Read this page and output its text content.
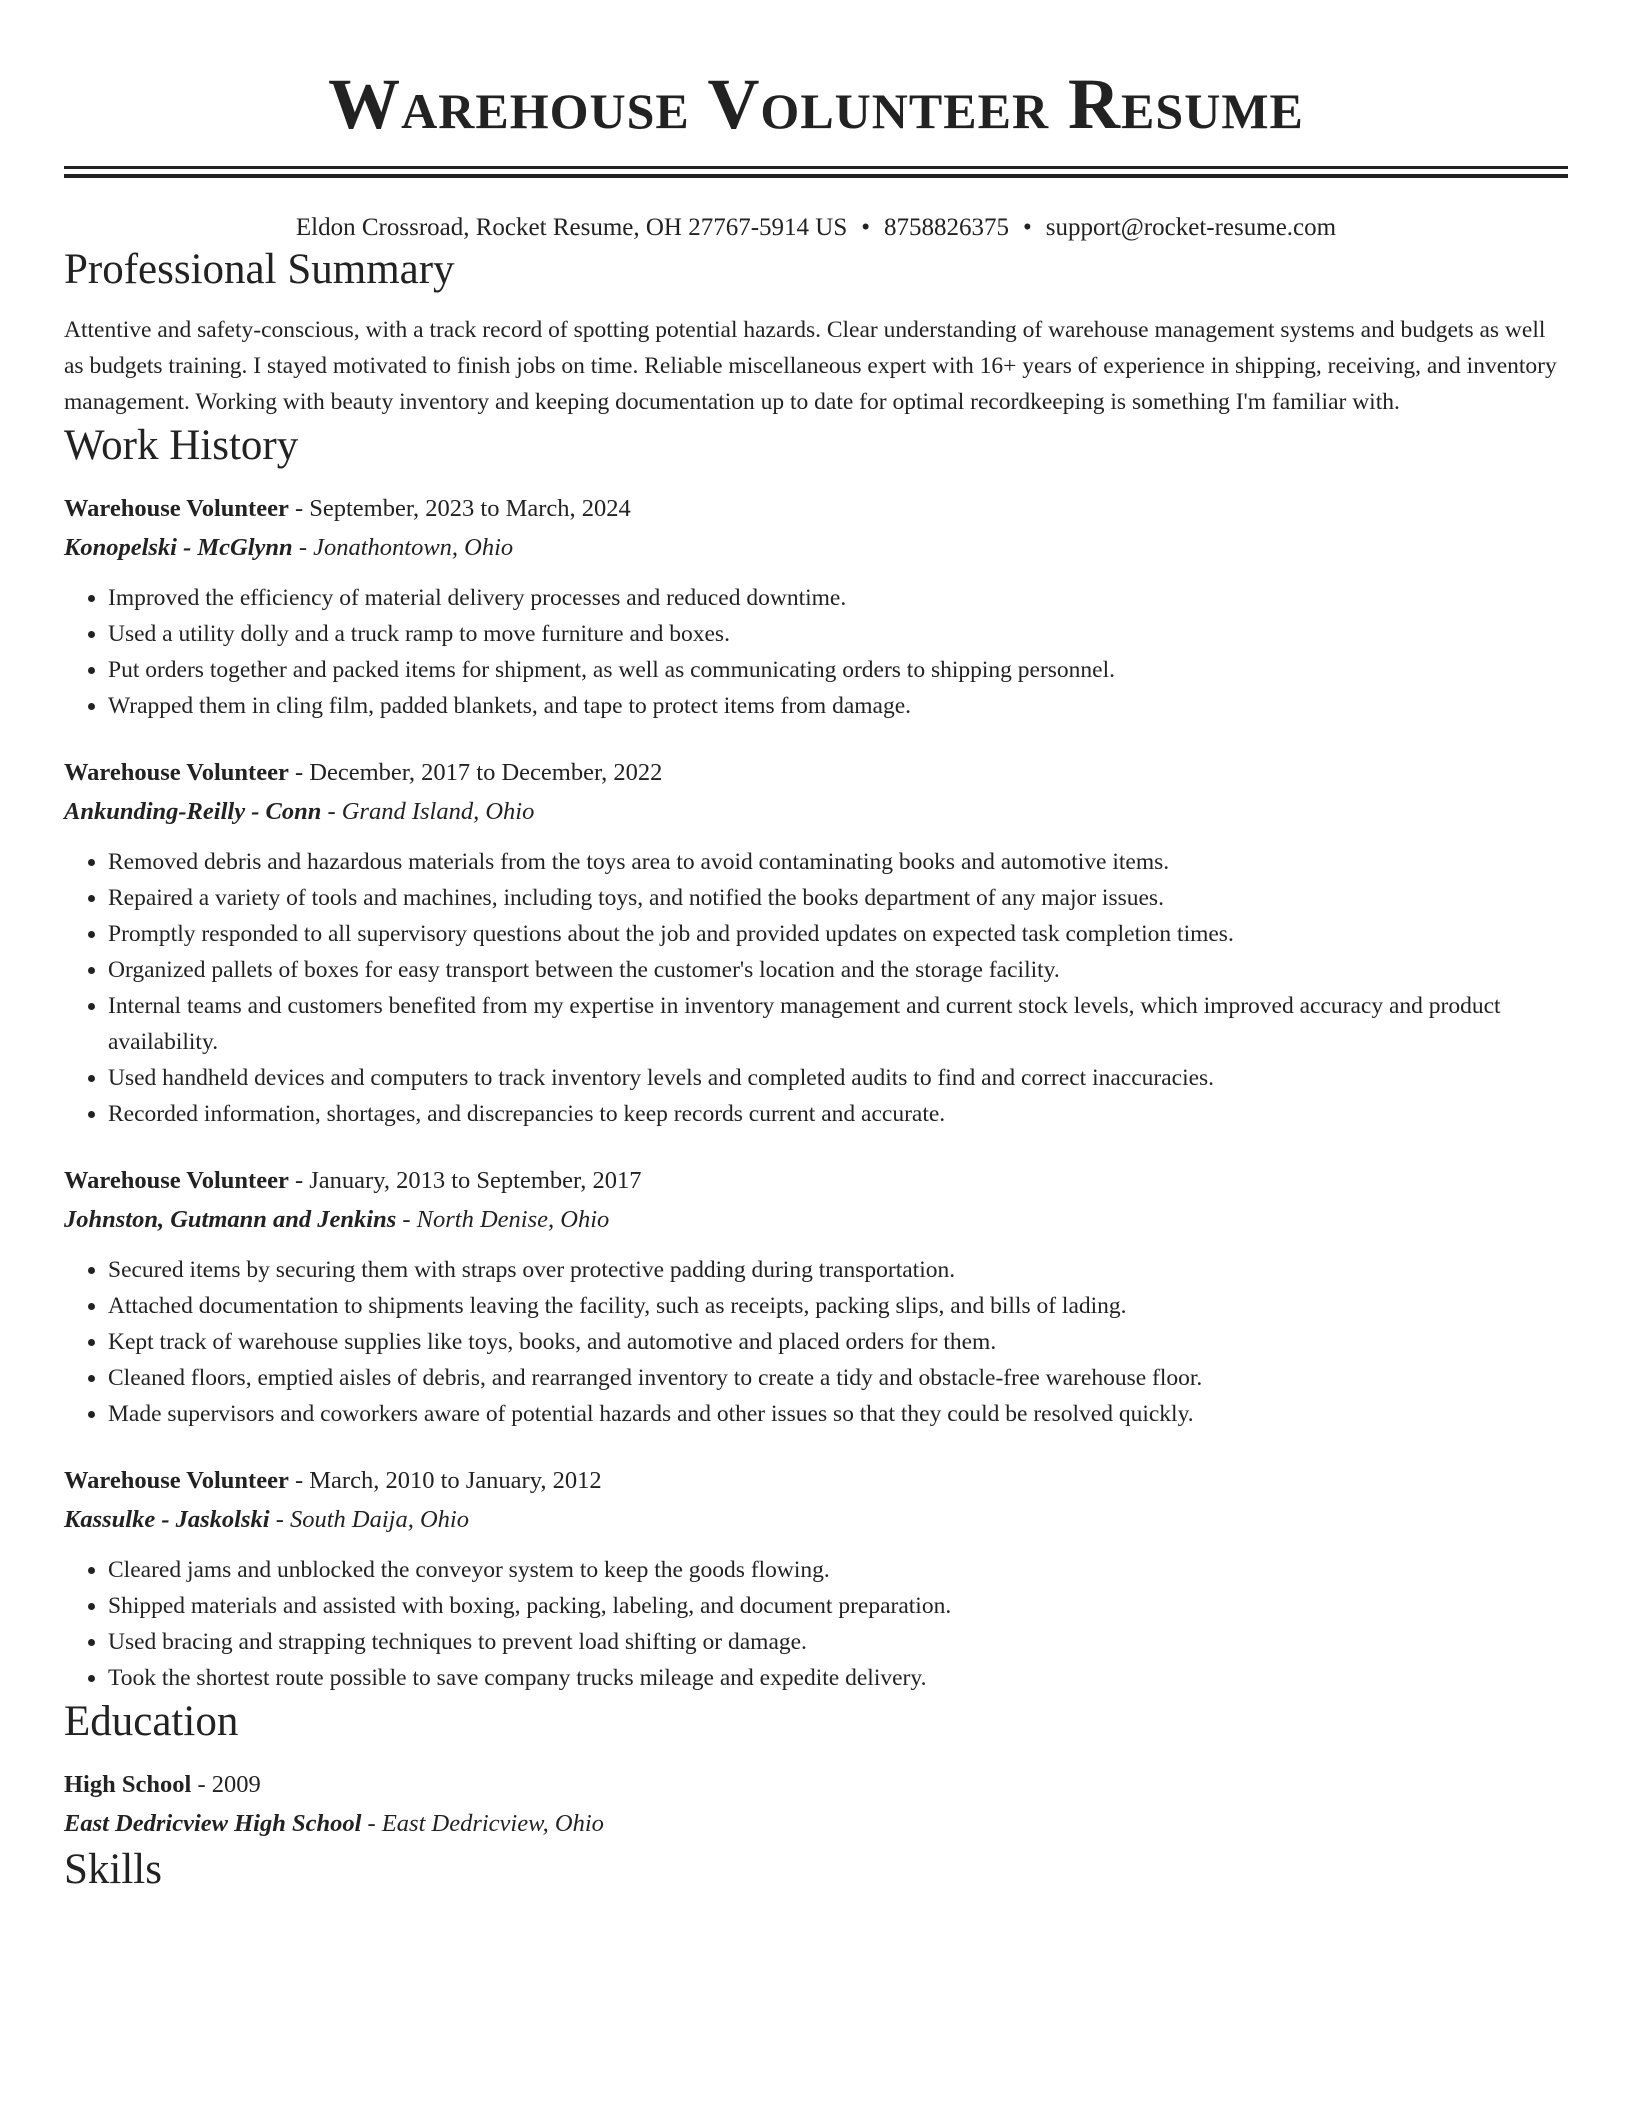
Warehouse Volunteer Resume
Eldon Crossroad, Rocket Resume, OH 27767-5914 US • 8758826375 • support@rocket-resume.com
Professional Summary
Attentive and safety-conscious, with a track record of spotting potential hazards. Clear understanding of warehouse management systems and budgets as well as budgets training. I stayed motivated to finish jobs on time. Reliable miscellaneous expert with 16+ years of experience in shipping, receiving, and inventory management. Working with beauty inventory and keeping documentation up to date for optimal recordkeeping is something I'm familiar with.
Work History
Warehouse Volunteer - September, 2023 to March, 2024
Konopelski - McGlynn - Jonathontown, Ohio
• Improved the efficiency of material delivery processes and reduced downtime.
• Used a utility dolly and a truck ramp to move furniture and boxes.
• Put orders together and packed items for shipment, as well as communicating orders to shipping personnel.
• Wrapped them in cling film, padded blankets, and tape to protect items from damage.
Warehouse Volunteer - December, 2017 to December, 2022
Ankunding-Reilly - Conn - Grand Island, Ohio
• Removed debris and hazardous materials from the toys area to avoid contaminating books and automotive items.
• Repaired a variety of tools and machines, including toys, and notified the books department of any major issues.
• Promptly responded to all supervisory questions about the job and provided updates on expected task completion times.
• Organized pallets of boxes for easy transport between the customer's location and the storage facility.
• Internal teams and customers benefited from my expertise in inventory management and current stock levels, which improved accuracy and product availability.
• Used handheld devices and computers to track inventory levels and completed audits to find and correct inaccuracies.
• Recorded information, shortages, and discrepancies to keep records current and accurate.
Warehouse Volunteer - January, 2013 to September, 2017
Johnston, Gutmann and Jenkins - North Denise, Ohio
• Secured items by securing them with straps over protective padding during transportation.
• Attached documentation to shipments leaving the facility, such as receipts, packing slips, and bills of lading.
• Kept track of warehouse supplies like toys, books, and automotive and placed orders for them.
• Cleaned floors, emptied aisles of debris, and rearranged inventory to create a tidy and obstacle-free warehouse floor.
• Made supervisors and coworkers aware of potential hazards and other issues so that they could be resolved quickly.
Warehouse Volunteer - March, 2010 to January, 2012
Kassulke - Jaskolski - South Daija, Ohio
• Cleared jams and unblocked the conveyor system to keep the goods flowing.
• Shipped materials and assisted with boxing, packing, labeling, and document preparation.
• Used bracing and strapping techniques to prevent load shifting or damage.
• Took the shortest route possible to save company trucks mileage and expedite delivery.
Education
High School - 2009
East Dedricview High School - East Dedricview, Ohio
Skills
